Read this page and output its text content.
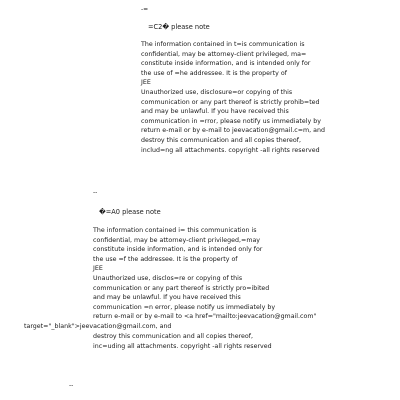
-=
=C2� please note
The information contained in t=is communication is
confidential, may be attorney-client privileged, ma=
constitute inside information, and is intended only for
the use of =he addressee. It is the property of
JEE
Unauthorized use, disclosure=or copying of this
communication or any part thereof is strictly prohib=ted
and may be unlawful. If you have received this
communication in =rror, please notify us immediately by
return e-mail or by e-mail to jeevacation@gmail.c=m, and
destroy this communication and all copies thereof,
includ=ng all attachments. copyright -all rights reserved
--
�=A0 please note
The information contained i= this communication is
confidential, may be attorney-client privileged,=may
constitute inside information, and is intended only for
the use =f the addressee. It is the property of
JEE
Unauthorized use, disclos=re or copying of this
communication or any part thereof is strictly pro=ibited
and may be unlawful. If you have received this
communication =n error, please notify us immediately by
return e-mail or by e-mail to <a href="mailto:jeevacation@gmail.com"
target="_blank">jeevacation@gmail.com, and
destroy this communication and all copies thereof,
inc=uding all attachments. copyright -all rights reserved
--
